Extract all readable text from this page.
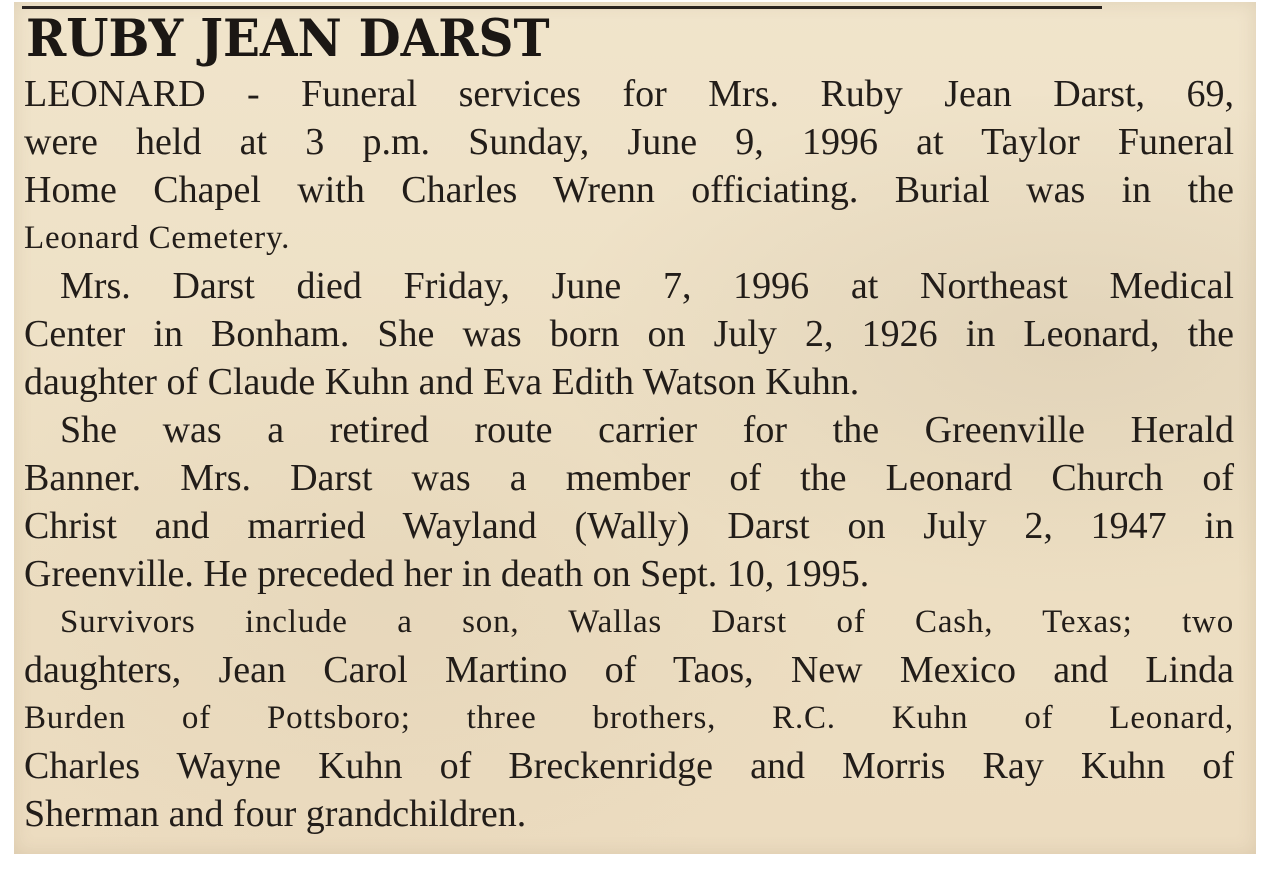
RUBY JEAN DARST

LEONARD - Funeral services for Mrs. Ruby Jean Darst, 69,
were held at 3 p.m. Sunday, June 9, 1996 at Taylor Funeral
Home Chapel with Charles Wrenn officiating. Burial was in the
Leonard Cemetery.

Mrs. Darst died Friday, June 7, 1996 at Northeast Medical
Center in Bonham. She was born on July 2, 1926 in Leonard, the
daughter of Claude Kuhn and Eva Edith Watson Kuhn.

She was a retired route carrier for the Greenville Herald
Banner. Mrs. Darst was a member of the Leonard Church of
Christ and married Wayland (Wally) Darst on July 2, 1947 in
Greenville. He preceded her in death on Sept. 10, 1995.

Survivors include a son, Wallas Darst of Cash, Texas; two
daughters, Jean Carol Martino of Taos, New Mexico and Linda
Burden of Pottsboro; three brothers, R.C. Kuhn of Leonard,
Charles Wayne Kuhn of Breckenridge and Morris Ray Kuhn of
Sherman and four grandchildren.
